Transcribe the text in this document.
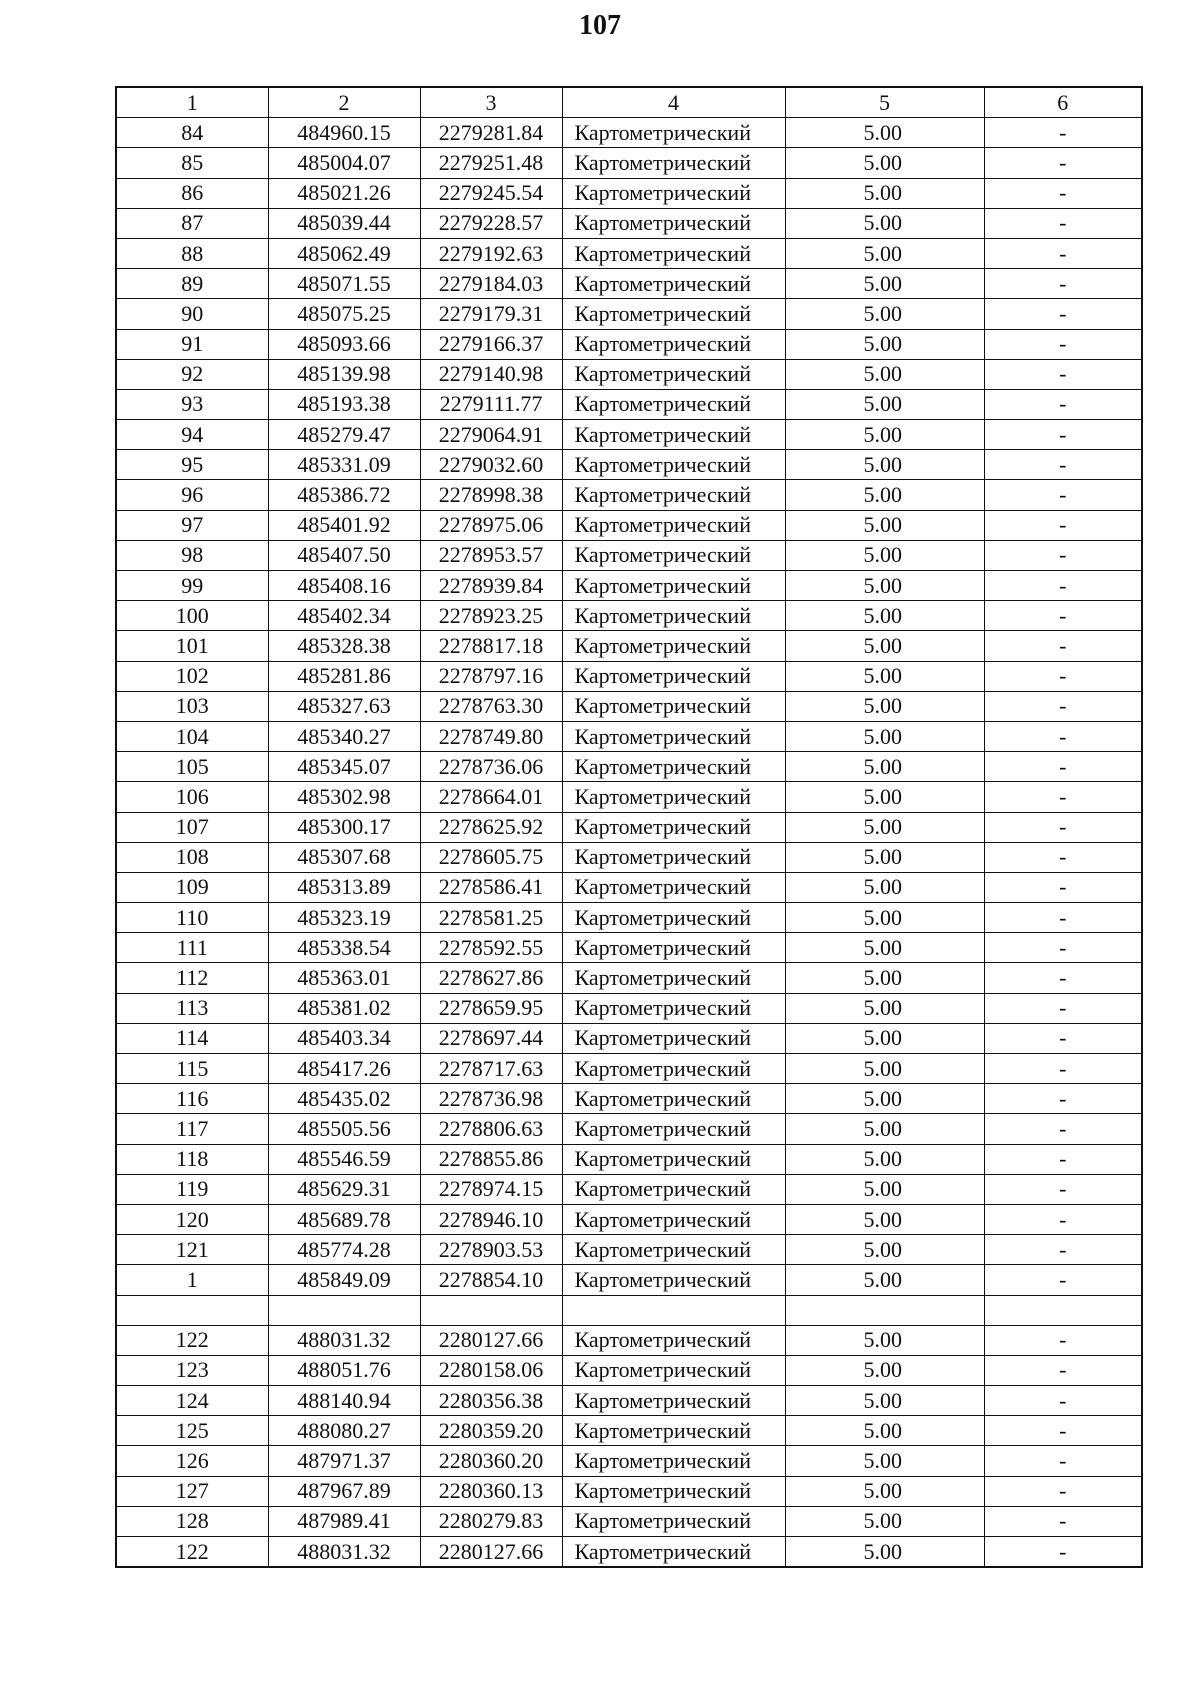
107
1	2	3	4	5	6
84	484960.15	2279281.84	Картометрический	5.00	-
85	485004.07	2279251.48	Картометрический	5.00	-
86	485021.26	2279245.54	Картометрический	5.00	-
87	485039.44	2279228.57	Картометрический	5.00	-
88	485062.49	2279192.63	Картометрический	5.00	-
89	485071.55	2279184.03	Картометрический	5.00	-
90	485075.25	2279179.31	Картометрический	5.00	-
91	485093.66	2279166.37	Картометрический	5.00	-
92	485139.98	2279140.98	Картометрический	5.00	-
93	485193.38	2279111.77	Картометрический	5.00	-
94	485279.47	2279064.91	Картометрический	5.00	-
95	485331.09	2279032.60	Картометрический	5.00	-
96	485386.72	2278998.38	Картометрический	5.00	-
97	485401.92	2278975.06	Картометрический	5.00	-
98	485407.50	2278953.57	Картометрический	5.00	-
99	485408.16	2278939.84	Картометрический	5.00	-
100	485402.34	2278923.25	Картометрический	5.00	-
101	485328.38	2278817.18	Картометрический	5.00	-
102	485281.86	2278797.16	Картометрический	5.00	-
103	485327.63	2278763.30	Картометрический	5.00	-
104	485340.27	2278749.80	Картометрический	5.00	-
105	485345.07	2278736.06	Картометрический	5.00	-
106	485302.98	2278664.01	Картометрический	5.00	-
107	485300.17	2278625.92	Картометрический	5.00	-
108	485307.68	2278605.75	Картометрический	5.00	-
109	485313.89	2278586.41	Картометрический	5.00	-
110	485323.19	2278581.25	Картометрический	5.00	-
111	485338.54	2278592.55	Картометрический	5.00	-
112	485363.01	2278627.86	Картометрический	5.00	-
113	485381.02	2278659.95	Картометрический	5.00	-
114	485403.34	2278697.44	Картометрический	5.00	-
115	485417.26	2278717.63	Картометрический	5.00	-
116	485435.02	2278736.98	Картометрический	5.00	-
117	485505.56	2278806.63	Картометрический	5.00	-
118	485546.59	2278855.86	Картометрический	5.00	-
119	485629.31	2278974.15	Картометрический	5.00	-
120	485689.78	2278946.10	Картометрический	5.00	-
121	485774.28	2278903.53	Картометрический	5.00	-
1	485849.09	2278854.10	Картометрический	5.00	-

122	488031.32	2280127.66	Картометрический	5.00	-
123	488051.76	2280158.06	Картометрический	5.00	-
124	488140.94	2280356.38	Картометрический	5.00	-
125	488080.27	2280359.20	Картометрический	5.00	-
126	487971.37	2280360.20	Картометрический	5.00	-
127	487967.89	2280360.13	Картометрический	5.00	-
128	487989.41	2280279.83	Картометрический	5.00	-
122	488031.32	2280127.66	Картометрический	5.00	-
